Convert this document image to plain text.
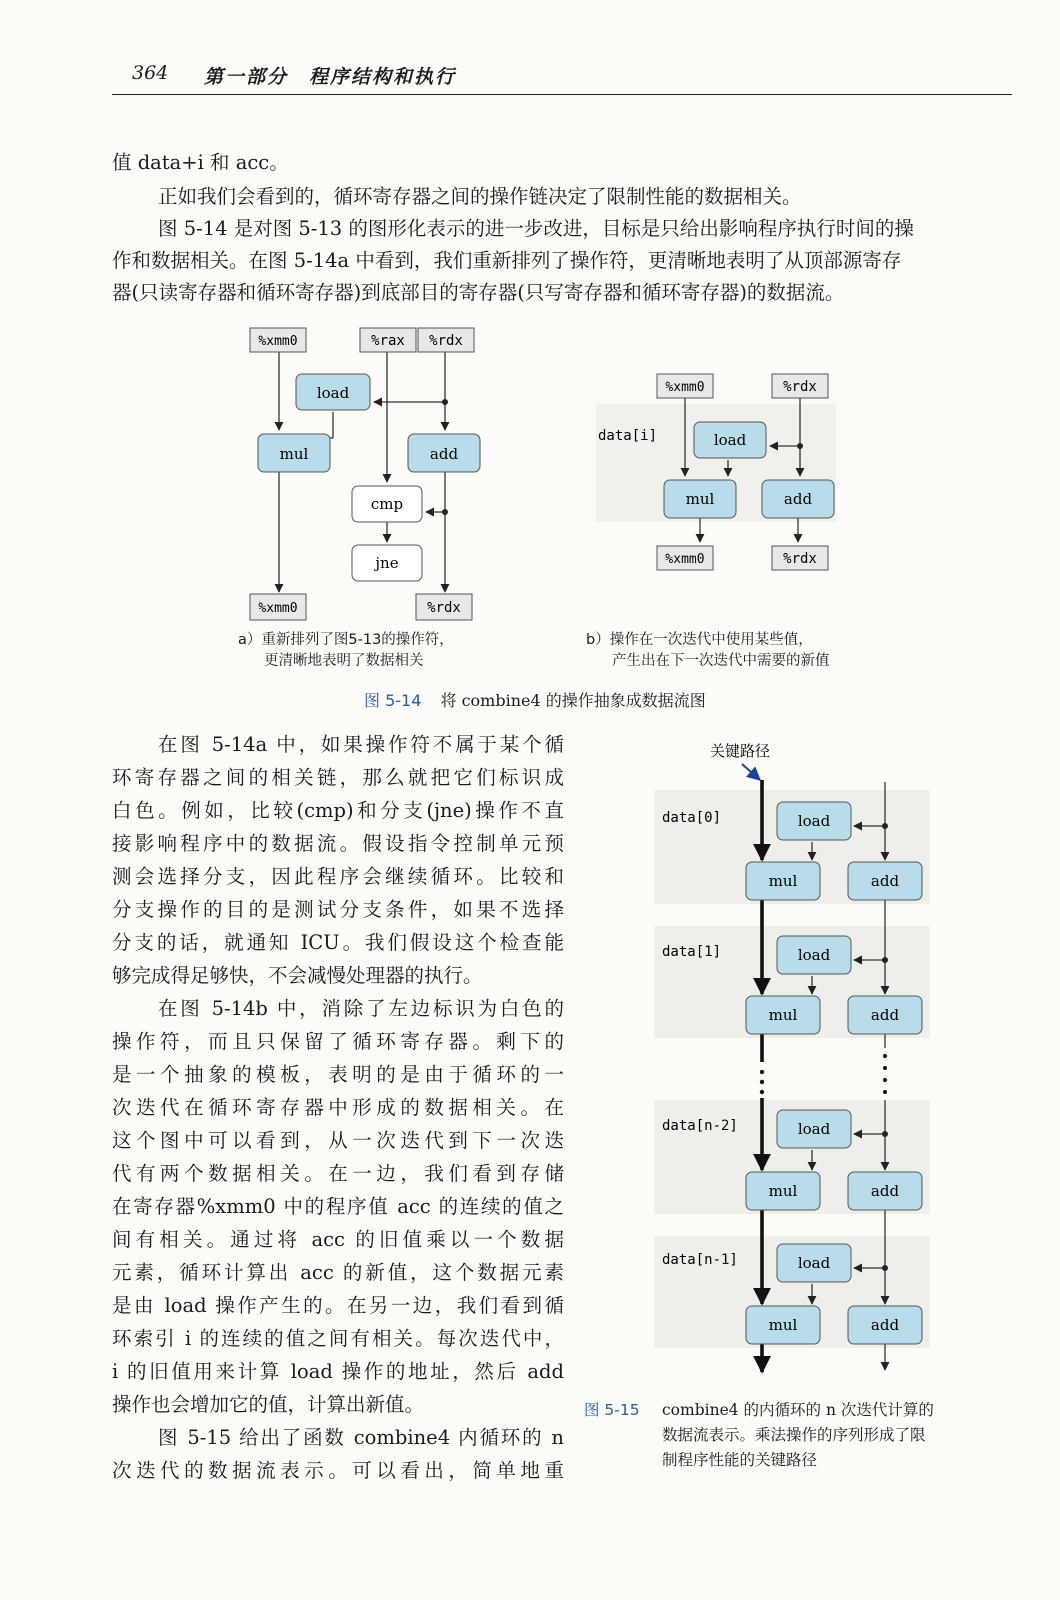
364 第一部分　程序结构和执行

值 data+i 和 acc。

正如我们会看到的，循环寄存器之间的操作链决定了限制性能的数据相关。

图 5-14 是对图 5-13 的图形化表示的进一步改进，目标是只给出影响程序执行时间的操

作和数据相关。在图 5-14a 中看到，我们重新排列了操作符，更清晰地表明了从顶部源寄存

器(只读寄存器和循环寄存器)到底部目的寄存器(只写寄存器和循环寄存器)的数据流。

%xmm0	%rax %rdx
%xmm0	%rdx
load
mul	add
cmp
jne
%xmm0	%rdx
%xmm0	%rdx
data[i]	load
mul	add
关键路径
load
mul	add
data[0]
load
mul	add
data[1]
load
mul	add
data[n-2]
load
mul	add
data[n-1]
a）重新排列了图5-13的操作符，
更清晰地表明了数据相关
b）操作在一次迭代中使用某些值，
产生出在下一次迭代中需要的新值
图 5-14 将 combine4 的操作抽象成数据流图

在图 5-14a 中，如果操作符不属于某个循

环寄存器之间的相关链，那么就把它们标识成

白色。例如，比较(cmp)和分支(jne)操作不直

接影响程序中的数据流。假设指令控制单元预

测会选择分支，因此程序会继续循环。比较和

分支操作的目的是测试分支条件，如果不选择

分支的话，就通知 ICU。我们假设这个检查能

够完成得足够快，不会减慢处理器的执行。

在图 5-14b 中，消除了左边标识为白色的

操作符，而且只保留了循环寄存器。剩下的

是一个抽象的模板，表明的是由于循环的一

次迭代在循环寄存器中形成的数据相关。在

这个图中可以看到，从一次迭代到下一次迭

代有两个数据相关。在一边，我们看到存储

在寄存器%xmm0 中的程序值 acc 的连续的值之

间有相关。通过将 acc 的旧值乘以一个数据

元素，循环计算出 acc 的新值，这个数据元素

是由 load 操作产生的。在另一边，我们看到循

环索引 i 的连续的值之间有相关。每次迭代中，

i 的旧值用来计算 load 操作的地址，然后 add

操作也会增加它的值，计算出新值。

图 5-15 给出了函数 combine4 内循环的 n

次迭代的数据流表示。可以看出，简单地重

图 5-15 combine4 的内循环的 n 次迭代计算的
数据流表示。乘法操作的序列形成了限
制程序性能的关键路径
